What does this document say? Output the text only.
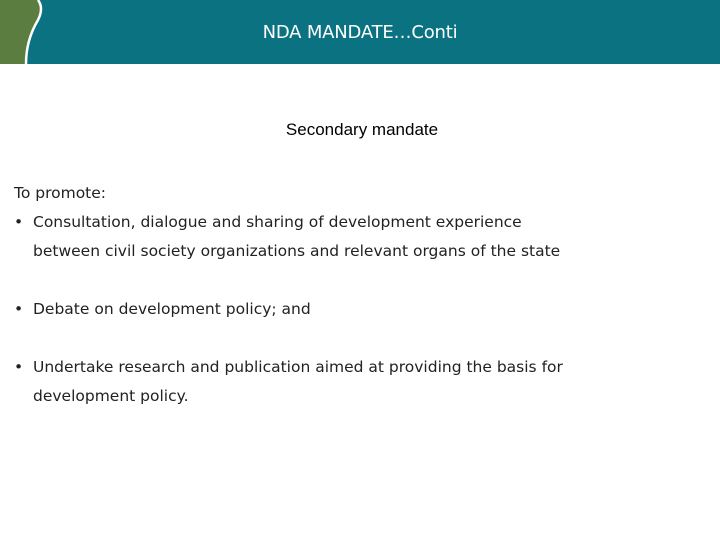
NDA MANDATE…Conti
Secondary mandate

To promote:

• Consultation, dialogue and sharing of development experience
between civil society organizations and relevant organs of the state
• Debate on development policy; and
• Undertake research and publication aimed at providing the basis for
development policy.
